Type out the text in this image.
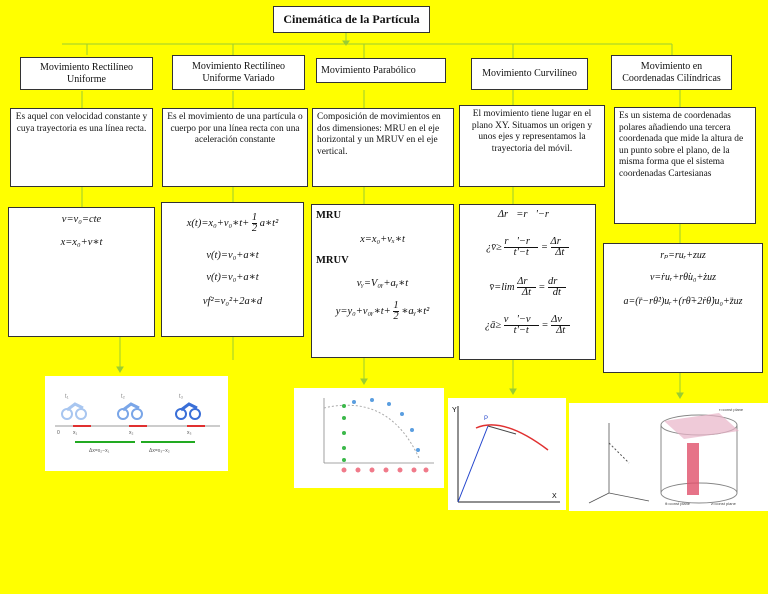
Cinemática de la Partícula
Movimiento Rectilíneo Uniforme
Movimiento Rectilíneo Uniforme Variado
Movimiento Parabólico	Movimiento Curvilíneo
Movimiento en Coordenadas Cilíndricas
Es aquel con velocidad constante y cuya trayectoria es una línea recta.
Es el movimiento de una partícula o cuerpo por una línea recta con una aceleración constante
Composición de movimientos en dos dimensiones: MRU en el eje horizontal y un MRUV en el eje vertical.
El movimiento tiene lugar en el plano XY. Situamos un origen y unos ejes y representamos la trayectoria del móvil.
Es un sistema de coordenadas polares añadiendo una tercera coordenada que mide la altura de un punto sobre el plano, de la misma forma que el sistema coordenadas Cartesianas
v=v₀=cte
x=x₀+v∗t
x(t)=x₀+v₀∗t+ $\frac{1}{2}$ a∗t²
v(t)=v₀+a∗t
v(t)=v₀+a∗t
vf²=v₀²+2a∗d
MRU
x=x₀+vₓ∗t
MRUV
vᵧ=V₀ᵧ+aᵧ∗t
y=y₀+v₀ᵧ∗t+ $\frac{1}{2}$ ∗aᵧ∗t²
Δr⃗=r⃗'−r⃗
¿v̄≥ $\frac{r⃗'-r⃗}{t'-t} = \frac{\Delta r⃗}{\Delta t}$
v̄=lim $\frac{\Delta r⃗}{\Delta t} = \frac{dr⃗}{dt}$
¿ā≥ $\frac{v⃗'-v⃗}{t'-t} = \frac{\Delta v⃗}{\Delta t}$
rₚ=ruᵣ+zuz
v=ṙuᵣ+rθ̇u₀+żuz
a=(r̈−rθ̇²)uᵣ+(rθ̈+2ṙθ̇)u₀+z̈uz
t₁	t₂	t₃
x₁	x₂	x₃
0
Δx=x₂−x₁	Δx=x₃−x₂
Y
X
P
r=const plane
θ=const plane	z=const plane
